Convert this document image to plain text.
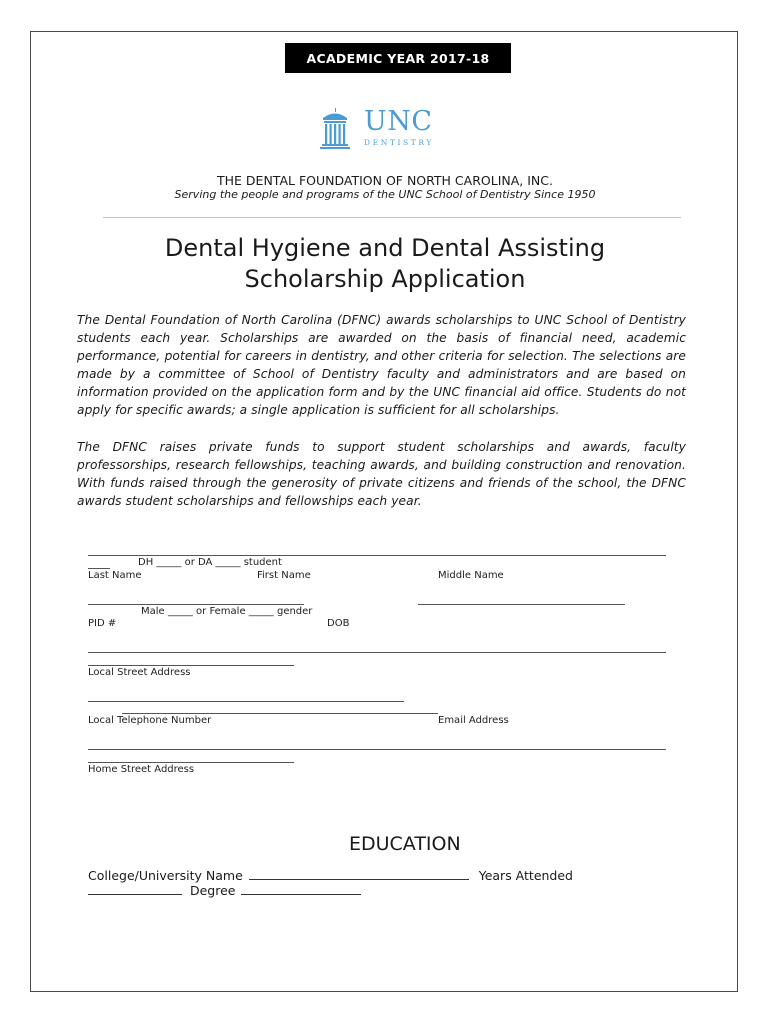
ACADEMIC YEAR 2017-18
UNC
DENTISTRY
THE DENTAL FOUNDATION OF NORTH CAROLINA, INC.
Serving the people and programs of the UNC School of Dentistry Since 1950
Dental Hygiene and Dental Assisting
Scholarship Application
The Dental Foundation of North Carolina (DFNC) awards scholarships to UNC School of Dentistry students each year. Scholarships are awarded on the basis of financial need, academic performance, potential for careers in dentistry, and other criteria for selection. The selections are made by a committee of School of Dentistry faculty and administrators and are based on information provided on the application form and by the UNC financial aid office. Students do not apply for specific awards; a single application is sufficient for all scholarships.
The DFNC raises private funds to support student scholarships and awards, faculty professorships, research fellowships, teaching awards, and building construction and renovation. With funds raised through the generosity of private citizens and friends of the school, the DFNC awards student scholarships and fellowships each year.
DH _____ or DA _____ student
Last Name	First Name	Middle Name
Male _____ or Female _____ gender
PID #	DOB
Local Street Address
Local Telephone Number	Email Address
Home Street Address
EDUCATION
College/University Name	Years Attended
Degree
